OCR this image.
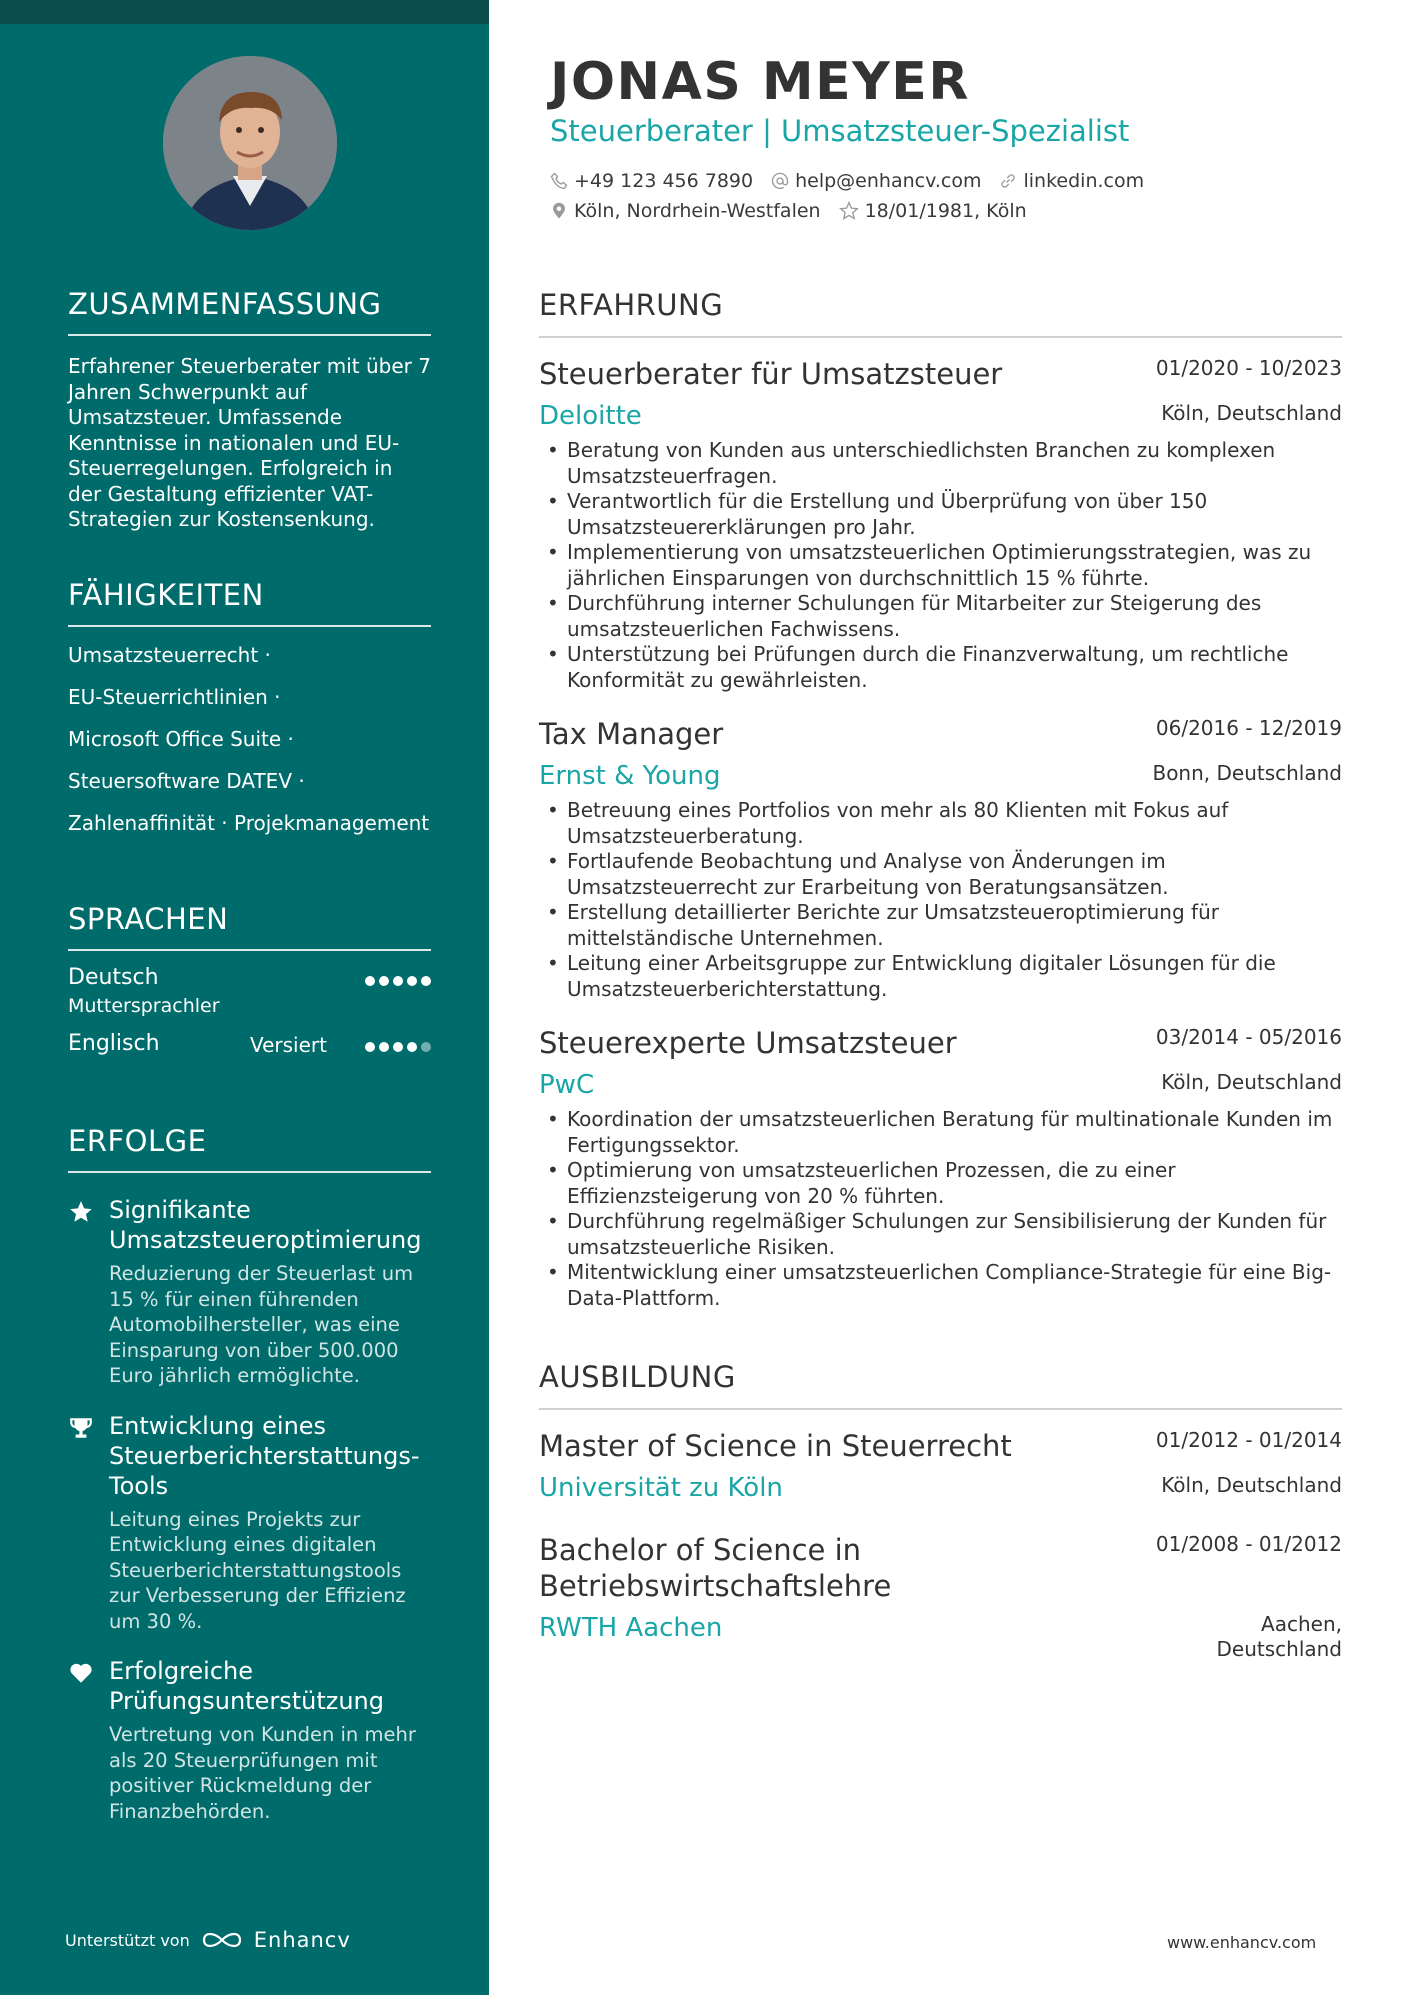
ZUSAMMENFASSUNG
Erfahrener Steuerberater mit über 7 Jahren Schwerpunkt auf Umsatzsteuer. Umfassende Kenntnisse in nationalen und EU-Steuerregelungen. Erfolgreich in der Gestaltung effizienter VAT-Strategien zur Kostensenkung.
FÄHIGKEITEN
Umsatzsteuerrecht ·
EU-Steuerrichtlinien ·
Microsoft Office Suite ·
Steuersoftware DATEV ·
Zahlenaffinität · Projekmanagement
SPRACHEN
Deutsch
Muttersprachler
Englisch	Versiert
ERFOLGE
Signifikante Umsatzsteueroptimierung
Reduzierung der Steuerlast um 15 % für einen führenden Automobilhersteller, was eine Einsparung von über 500.000 Euro jährlich ermöglichte.
Entwicklung eines Steuerberichterstattungs-Tools
Leitung eines Projekts zur Entwicklung eines digitalen Steuerberichterstattungstools zur Verbesserung der Effizienz um 30 %.
Erfolgreiche Prüfungsunterstützung
Vertretung von Kunden in mehr als 20 Steuerprüfungen mit positiver Rückmeldung der Finanzbehörden.
Unterstützt von	Enhancv
JONAS MEYER
Steuerberater | Umsatzsteuer-Spezialist
+49 123 456 7890 help@enhancv.com linkedin.com
Köln, Nordrhein-Westfalen 18/01/1981, Köln
ERFAHRUNG
Steuerberater für Umsatzsteuer	01/2020 - 10/2023
Deloitte	Köln, Deutschland
• Beratung von Kunden aus unterschiedlichsten Branchen zu komplexen Umsatzsteuerfragen.
• Verantwortlich für die Erstellung und Überprüfung von über 150 Umsatzsteuererklärungen pro Jahr.
• Implementierung von umsatzsteuerlichen Optimierungsstrategien, was zu jährlichen Einsparungen von durchschnittlich 15 % führte.
• Durchführung interner Schulungen für Mitarbeiter zur Steigerung des umsatzsteuerlichen Fachwissens.
• Unterstützung bei Prüfungen durch die Finanzverwaltung, um rechtliche Konformität zu gewährleisten.
Tax Manager	06/2016 - 12/2019
Ernst & Young	Bonn, Deutschland
• Betreuung eines Portfolios von mehr als 80 Klienten mit Fokus auf Umsatzsteuerberatung.
• Fortlaufende Beobachtung und Analyse von Änderungen im Umsatzsteuerrecht zur Erarbeitung von Beratungsansätzen.
• Erstellung detaillierter Berichte zur Umsatzsteueroptimierung für mittelständische Unternehmen.
• Leitung einer Arbeitsgruppe zur Entwicklung digitaler Lösungen für die Umsatzsteuerberichterstattung.
Steuerexperte Umsatzsteuer	03/2014 - 05/2016
PwC	Köln, Deutschland
• Koordination der umsatzsteuerlichen Beratung für multinationale Kunden im Fertigungssektor.
• Optimierung von umsatzsteuerlichen Prozessen, die zu einer Effizienzsteigerung von 20 % führten.
• Durchführung regelmäßiger Schulungen zur Sensibilisierung der Kunden für umsatzsteuerliche Risiken.
• Mitentwicklung einer umsatzsteuerlichen Compliance-Strategie für eine Big-Data-Plattform.
AUSBILDUNG
Master of Science in Steuerrecht	01/2012 - 01/2014
Universität zu Köln	Köln, Deutschland
Bachelor of Science in Betriebswirtschaftslehre
01/2008 - 01/2012
RWTH Aachen	Aachen,
Deutschland
www.enhancv.com
